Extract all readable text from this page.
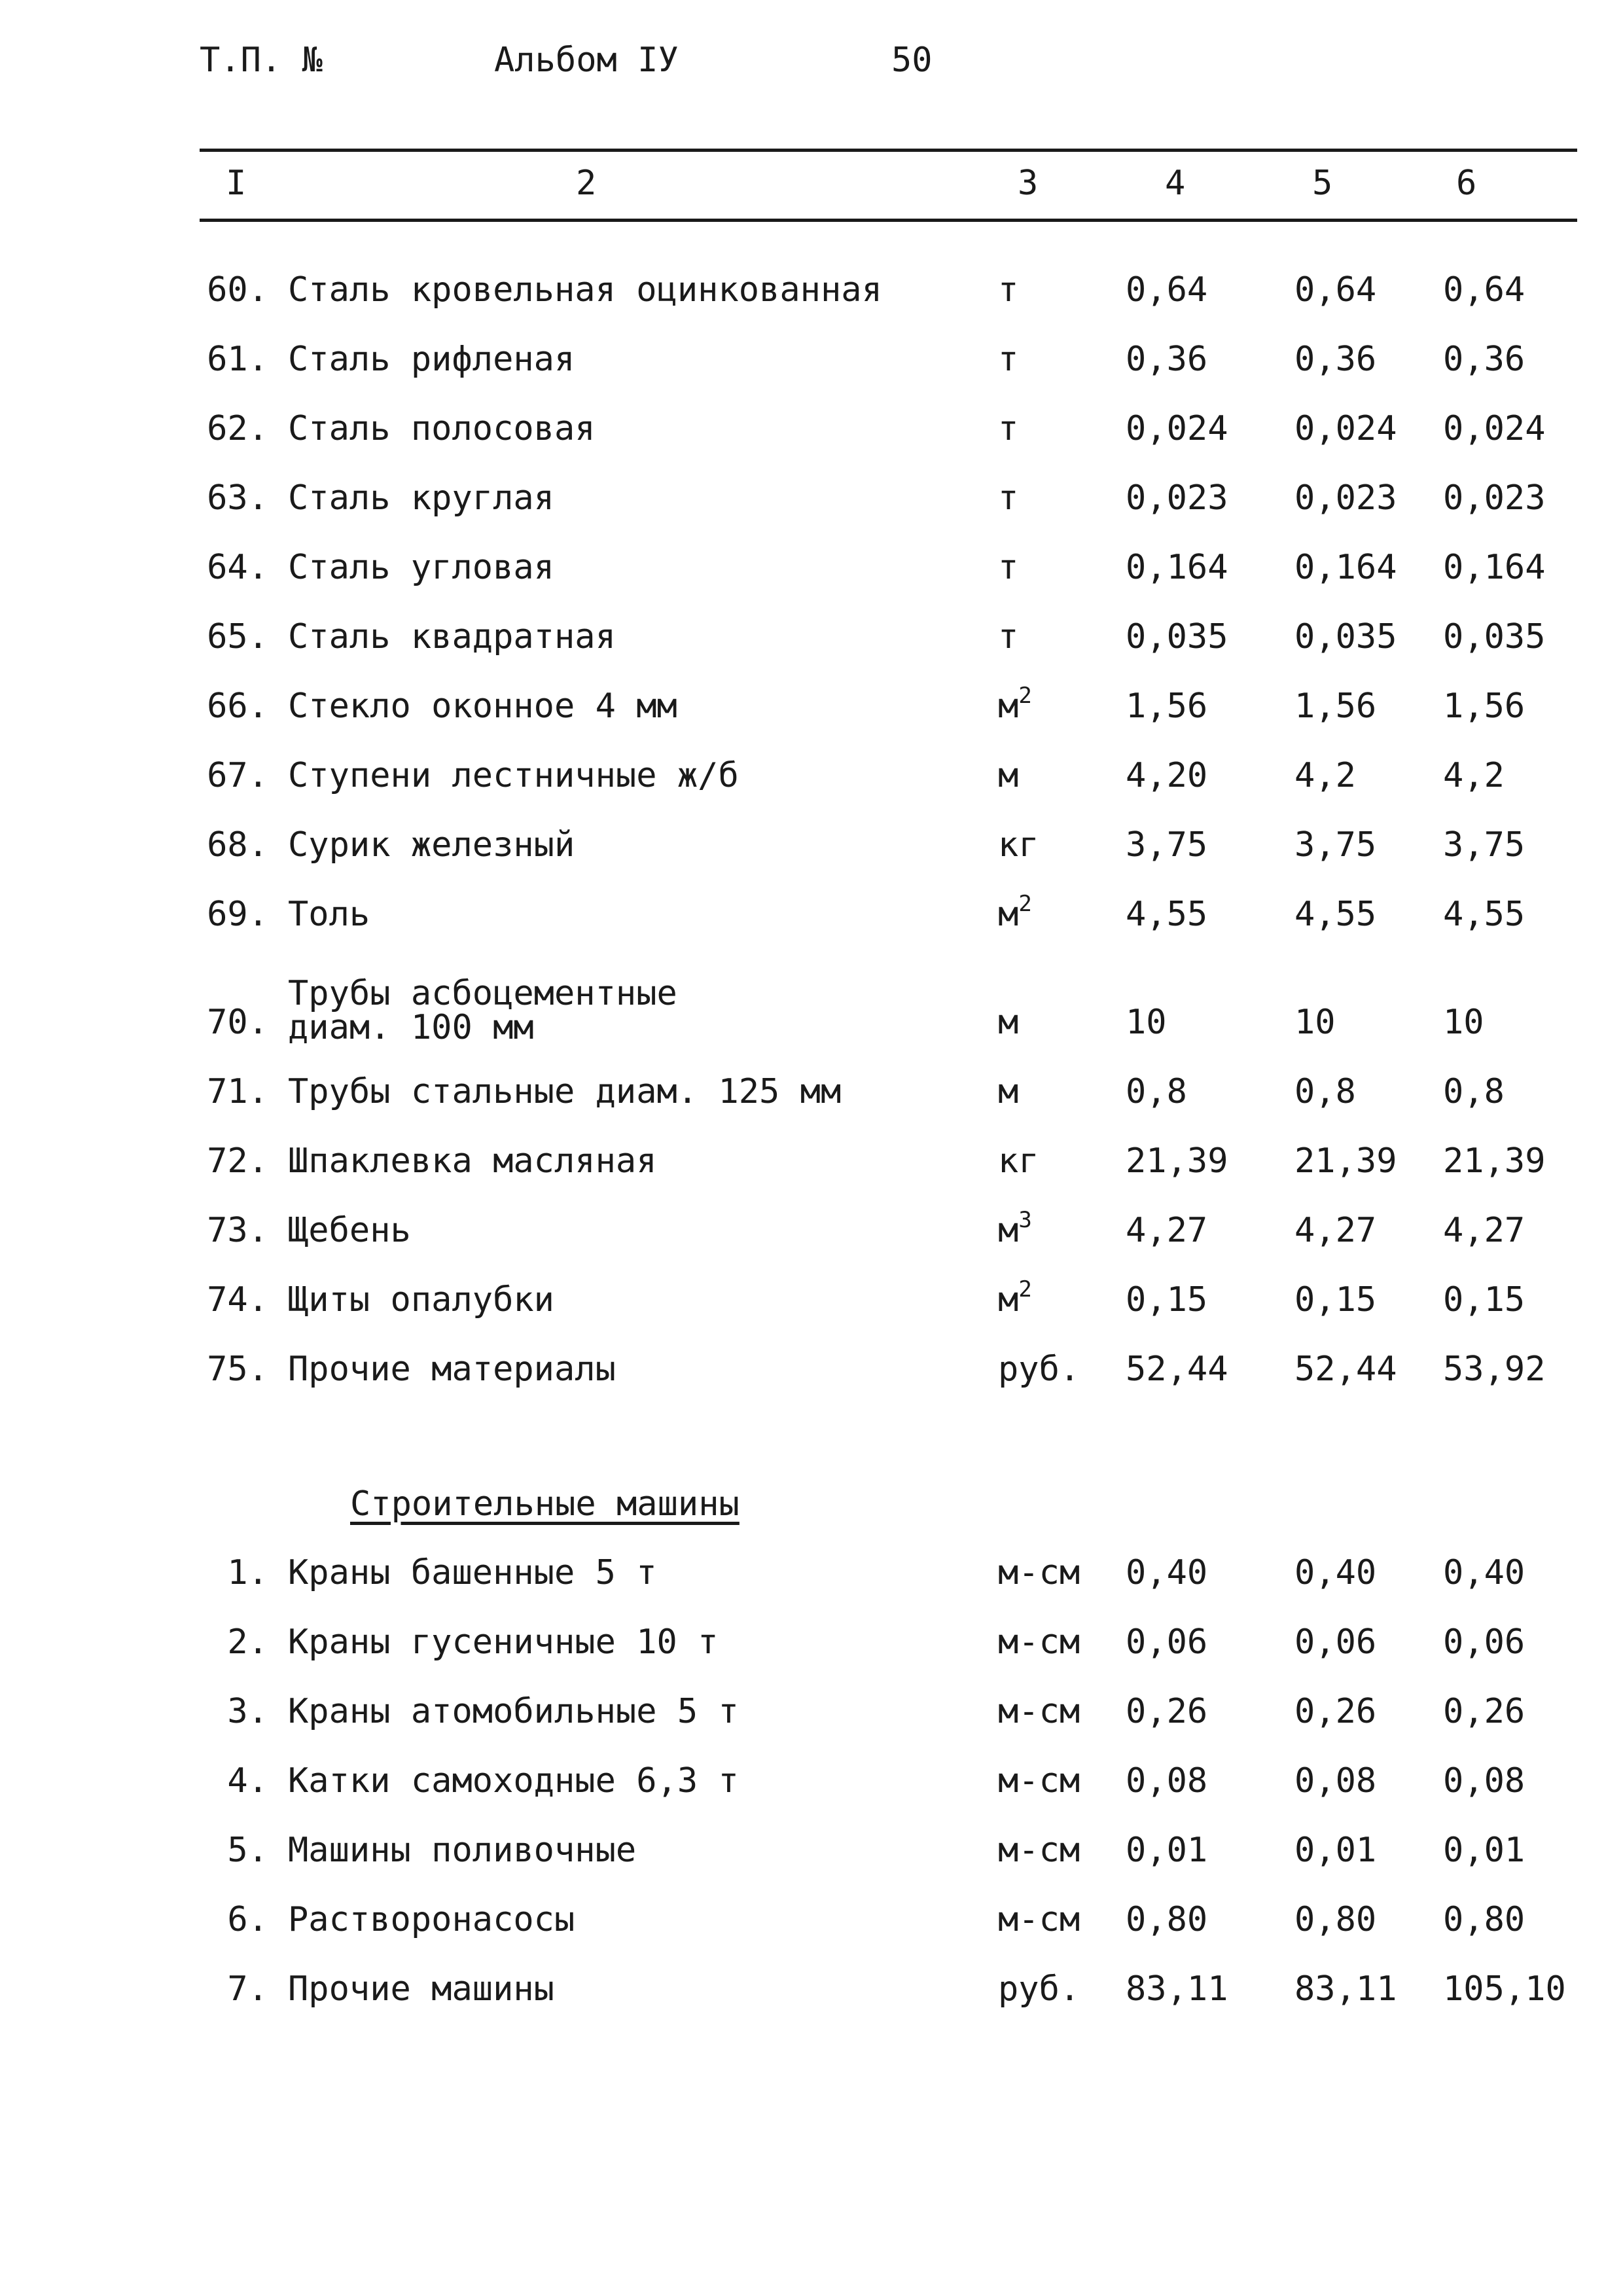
Т.П. №	Альбом IУ	50
I	2	3	4	5	6
60. Сталь кровельная оцинкованная	т	0,64	0,64 0,64
61. Сталь рифленая	т	0,36	0,36 0,36
62. Сталь полосовая	т	0,024 0,024 0,024
63. Сталь круглая	т	0,023 0,023 0,023
64. Сталь угловая	т	0,164 0,164 0,164
65. Сталь квадратная	т	0,035 0,035 0,035
66. Стекло оконное 4 мм	$м^2$	1,56	1,56 1,56
67. Ступени лестничные ж/б	м	4,20	4,2	4,2
68. Сурик железный	кг	3,75	3,75 3,75
69. Толь	$м^2$	4,55	4,55 4,55
70.
Трубы асбоцементные
диам. 100 мм	м	10	10	10
71. Трубы стальные диам. 125 мм	м	0,8	0,8	0,8
72. Шпаклевка масляная	кг	21,39 21,39 21,39
73. Щебень	$м^3$	4,27	4,27 4,27
74. Щиты опалубки	$м^2$	0,15	0,15 0,15
75. Прочие материалы	руб. 52,44 52,44 53,92
Строительные машины
1. Краны башенные 5 т	м-см 0,40	0,40 0,40
2. Краны гусеничные 10 т	м-см 0,06	0,06 0,06
3. Краны атомобильные 5 т	м-см 0,26	0,26 0,26
4. Катки самоходные 6,3 т	м-см 0,08	0,08 0,08
5. Машины поливочные	м-см 0,01	0,01 0,01
6. Растворонасосы	м-см 0,80	0,80 0,80
7. Прочие машины	руб. 83,11 83,11 105,10
